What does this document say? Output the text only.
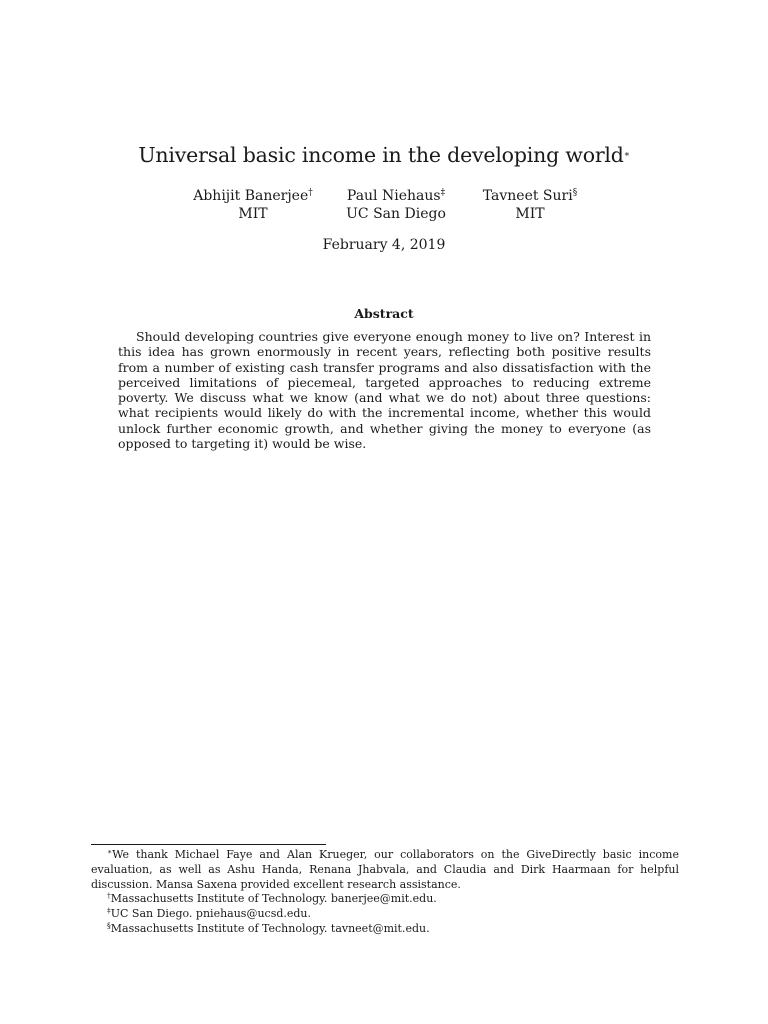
Universal basic income in the developing world∗
Abhijit Banerjee†
MIT
Paul Niehaus‡
UC San Diego
Tavneet Suri§
MIT
February 4, 2019
Abstract

Should developing countries give everyone enough money to live on? Interest in this idea has grown enormously in recent years, reflecting both positive results from a number of existing cash transfer programs and also dissatisfaction with the perceived limitations of piecemeal, targeted approaches to reducing extreme poverty. We discuss what we know (and what we do not) about three questions: what recipients would likely do with the incremental income, whether this would unlock further economic growth, and whether giving the money to everyone (as opposed to targeting it) would be wise.

∗We thank Michael Faye and Alan Krueger, our collaborators on the GiveDirectly basic income evaluation, as well as Ashu Handa, Renana Jhabvala, and Claudia and Dirk Haarmaan for helpful discussion. Mansa Saxena provided excellent research assistance.

†Massachusetts Institute of Technology. banerjee@mit.edu.

‡UC San Diego. pniehaus@ucsd.edu.

§Massachusetts Institute of Technology. tavneet@mit.edu.
